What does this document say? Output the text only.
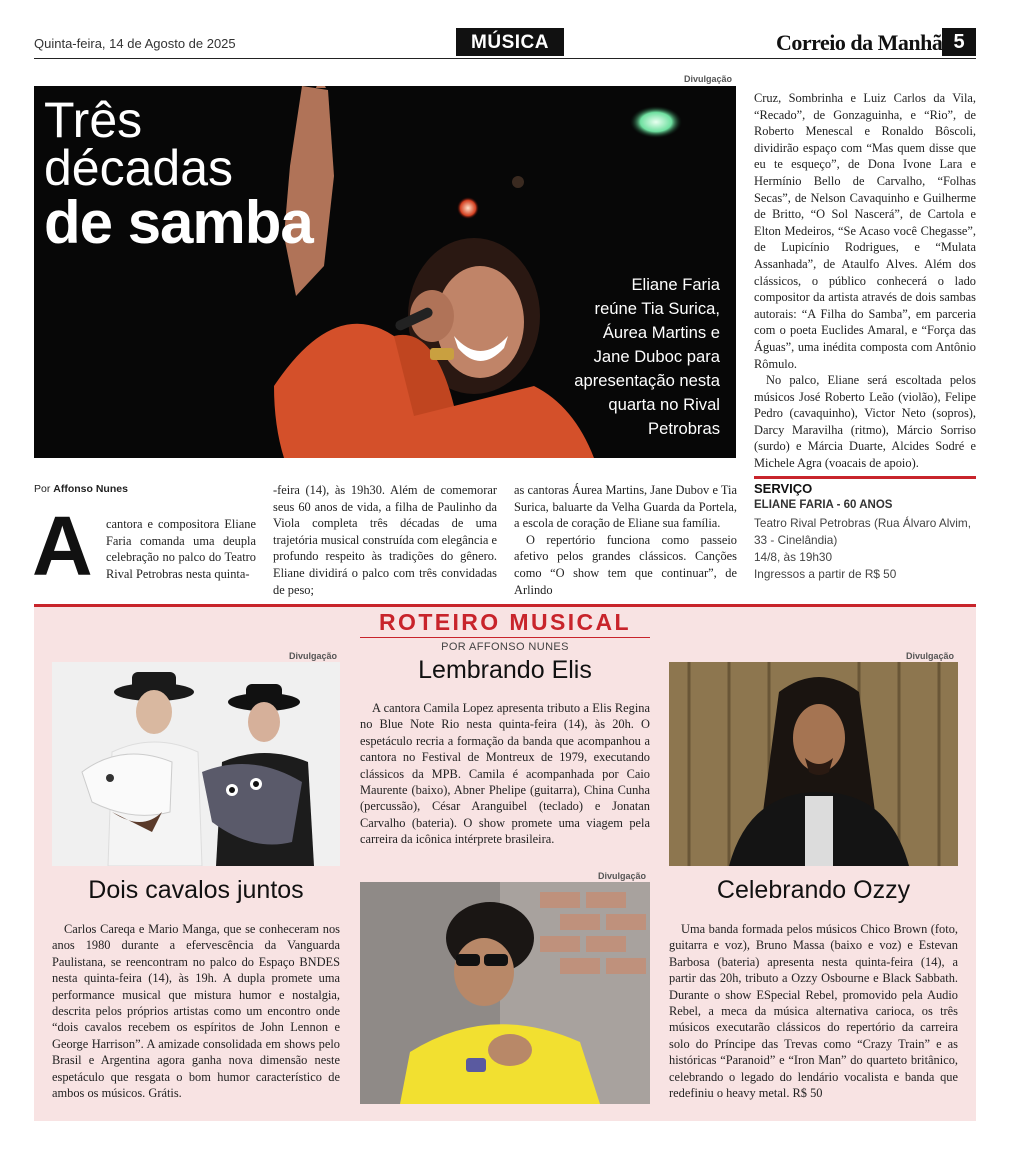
Quinta-feira, 14 de Agosto de 2025	MÚSICA	Correio da Manhã 5
Divulgação
Três
décadas
de samba
Eliane Faria
reúne Tia Surica,
Áurea Martins e
Jane Duboc para
apresentação nesta
quarta no Rival
Petrobras
Por Affonso Nunes
A cantora e compositora Eliane Faria comanda uma deupla celebração no palco do Teatro Rival Petrobras nesta quinta-
-feira (14), às 19h30. Além de comemorar seus 60 anos de vida, a filha de Paulinho da Viola completa três décadas de uma trajetória musical construída com elegância e profundo respeito às tradições do gênero. Eliane dividirá o palco com três convidadas de peso;
as cantoras Áurea Martins, Jane Dubov e Tia Surica, baluarte da Velha Guarda da Portela, a escola de coração de Eliane sua família.

O repertório funciona como passeio afetivo pelos grandes clássicos. Canções como “O show tem que continuar”, de Arlindo

Cruz, Sombrinha e Luiz Carlos da Vila, “Recado”, de Gonzaguinha, e “Rio”, de Roberto Menescal e Ronaldo Bôscoli, dividirão espaço com “Mas quem disse que eu te esqueço”, de Dona Ivone Lara e Hermínio Bello de Carvalho, “Folhas Secas”, de Nelson Cavaquinho e Guilherme de Britto, “O Sol Nascerá”, de Cartola e Elton Medeiros, “Se Acaso você Chegasse”, de Lupicínio Rodrigues, e “Mulata Assanhada”, de Ataulfo Alves. Além dos clássicos, o público conhecerá o lado compositor da artista através de dois sambas autorais: “A Filha do Samba”, em parceria com o poeta Euclides Amaral, e “Força das Águas”, uma inédita composta com Antônio Rômulo.

No palco, Eliane será escoltada pelos músicos José Roberto Leão (violão), Felipe Pedro (cavaquinho), Victor Neto (sopros), Darcy Maravilha (ritmo), Márcio Sorriso (surdo) e Márcia Duarte, Alcides Sodré e Michele Agra (voacais de apoio).

SERVIÇO
ELIANE FARIA - 60 ANOS
Teatro Rival Petrobras (Rua Álvaro Alvim, 33 - Cinelândia)
14/8, às 19h30
Ingressos a partir de R$ 50
ROTEIRO MUSICAL
POR AFFONSO NUNES
Divulgação
Dois cavalos juntos

Carlos Careqa e Mario Manga, que se conheceram nos anos 1980 durante a efervescência da Vanguarda Paulistana, se reencontram no palco do Espaço BNDES nesta quinta-feira (14), às 19h. A dupla promete uma performance musical que mistura humor e nostalgia, descrita pelos próprios artistas como um encontro onde “dois cavalos recebem os espíritos de John Lennon e George Harrison”. A amizade consolidada em shows pelo Brasil e Argentina agora ganha nova dimensão neste espetáculo que resgata o bom humor característico de ambos os músicos. Grátis.

Lembrando Elis

A cantora Camila Lopez apresenta tributo a Elis Regina no Blue Note Rio nesta quinta-feira (14), às 20h. O espetáculo recria a formação da banda que acompanhou a cantora no Festival de Montreux de 1979, executando clássicos da MPB. Camila é acompanhada por Caio Maurente (baixo), Abner Phelipe (guitarra), China Cunha (percussão), César Aranguibel (teclado) e Jonatan Carvalho (bateria). O show promete uma viagem pela carreira da icônica intérprete brasileira.

Divulgação
Divulgação
Celebrando Ozzy

Uma banda formada pelos músicos Chico Brown (foto, guitarra e voz), Bruno Massa (baixo e voz) e Estevan Barbosa (bateria) apresenta nesta quinta-feira (14), a partir das 20h, tributo a Ozzy Osbourne e Black Sabbath. Durante o show ESpecial Rebel, promovido pela Audio Rebel, a meca da música alternativa carioca, os três músicos executarão clássicos do repertório da carreira solo do Príncipe das Trevas como “Crazy Train” e as históricas “Paranoid” e “Iron Man” do quarteto britânico, celebrando o legado do lendário vocalista e banda que redefiniu o heavy metal. R$ 50
